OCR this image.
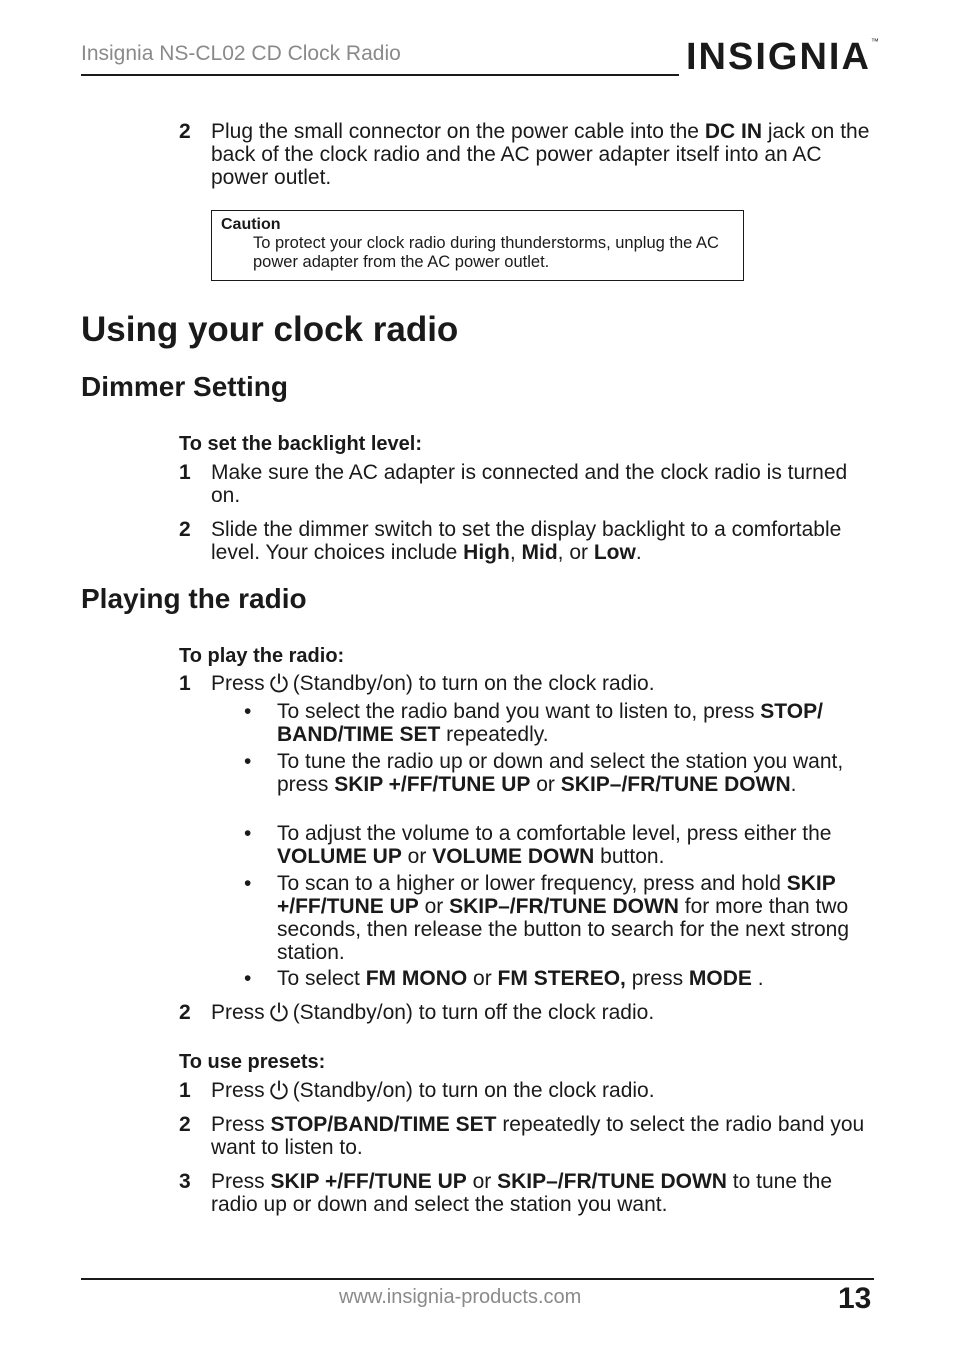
Insignia NS-CL02 CD Clock Radio	INSIGNIA™
2 Plug the small connector on the power cable into the DC IN jack on the back of the clock radio and the AC power adapter itself into an AC power outlet.
Caution
To protect your clock radio during thunderstorms, unplug the AC power adapter from the AC power outlet.
Using your clock radio
Dimmer Setting
To set the backlight level:
1 Make sure the AC adapter is connected and the clock radio is turned on.
2 Slide the dimmer switch to set the display backlight to a comfortable level. Your choices include High, Mid, or Low.
Playing the radio
To play the radio:
1 Press (Standby/on) to turn on the clock radio.
• To select the radio band you want to listen to, press STOP/ BAND/TIME SET repeatedly.
• To tune the radio up or down and select the station you want, press SKIP +/FF/TUNE UP or SKIP–/FR/TUNE DOWN.
• To adjust the volume to a comfortable level, press either the VOLUME UP or VOLUME DOWN button.
• To scan to a higher or lower frequency, press and hold SKIP +/FF/TUNE UP or SKIP–/FR/TUNE DOWN for more than two seconds, then release the button to search for the next strong station.
• To select FM MONO or FM STEREO, press MODE .
2 Press (Standby/on) to turn off the clock radio.
To use presets:
1 Press (Standby/on) to turn on the clock radio.
2 Press STOP/BAND/TIME SET repeatedly to select the radio band you want to listen to.
3 Press SKIP +/FF/TUNE UP or SKIP–/FR/TUNE DOWN to tune the radio up or down and select the station you want.
www.insignia-products.com	13
